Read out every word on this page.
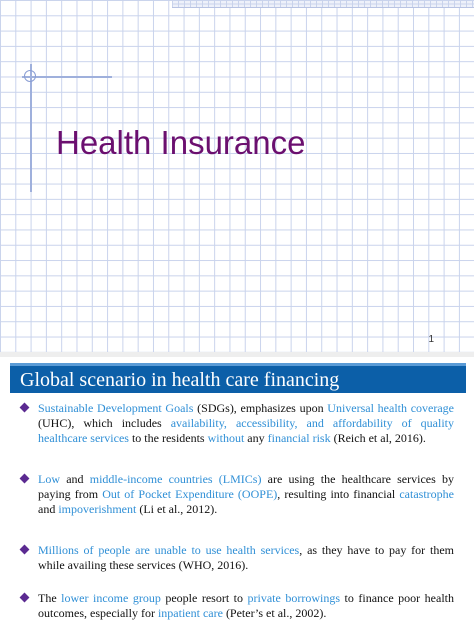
Health Insurance
1
Global scenario in health care financing
Sustainable Development Goals (SDGs), emphasizes upon Universal health coverage (UHC), which includes availability, accessibility, and affordability of quality healthcare services to the residents without any financial risk (Reich et al, 2016).
Low and middle-income countries (LMICs) are using the healthcare services by paying from Out of Pocket Expenditure (OOPE), resulting into financial catastrophe and impoverishment (Li et al., 2012).
Millions of people are unable to use health services, as they have to pay for them while availing these services (WHO, 2016).
The lower income group people resort to private borrowings to finance poor health outcomes, especially for inpatient care (Peter’s et al., 2002).
